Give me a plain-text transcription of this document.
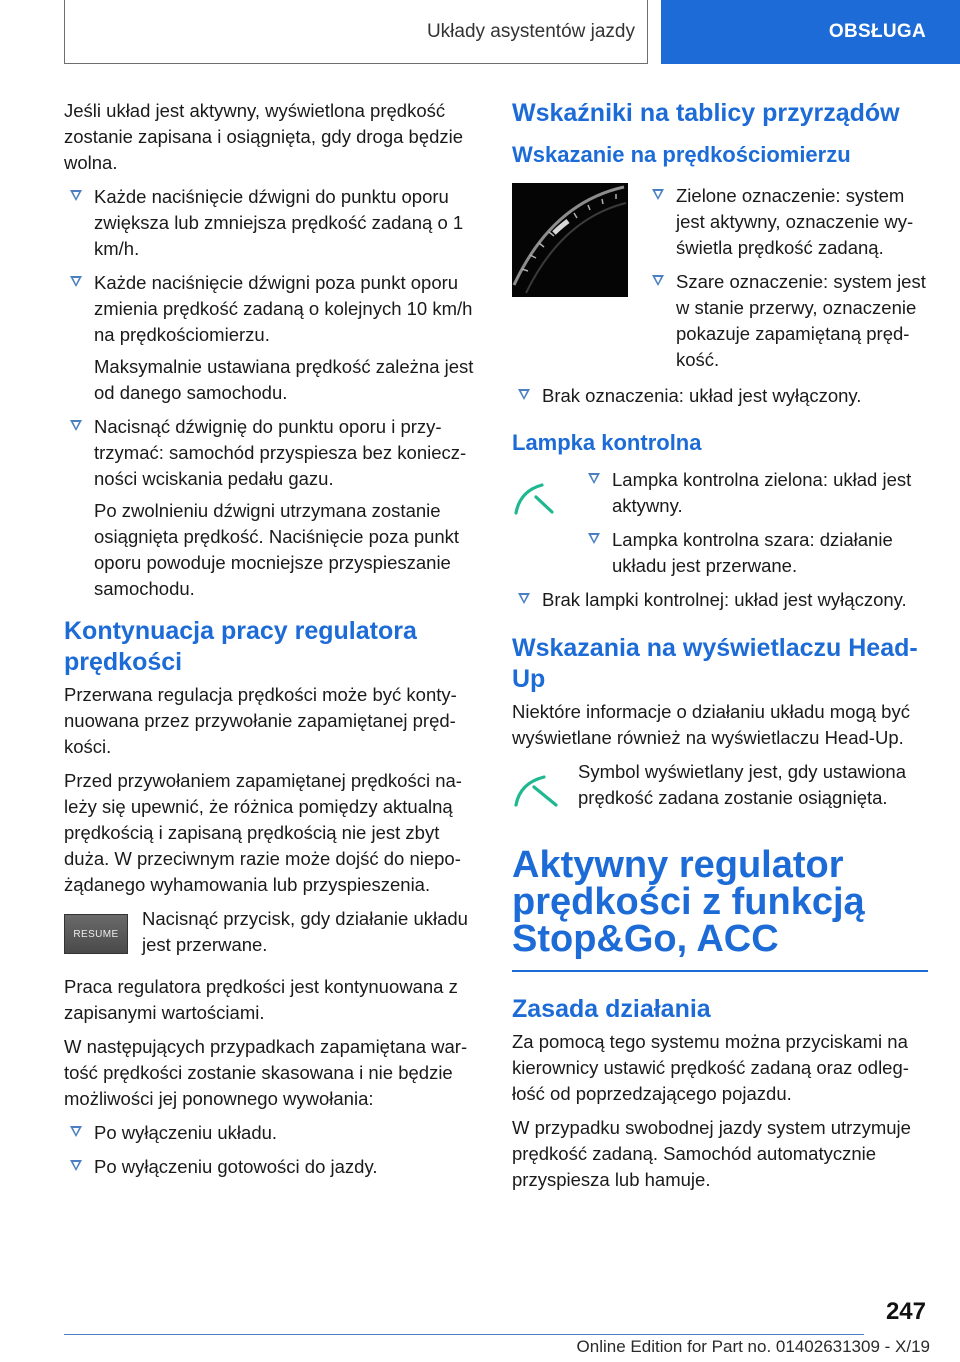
Układy asystentów jazdy	OBSŁUGA

Jeśli układ jest aktywny, wyświetlona prędkość zostanie zapisana i osiągnięta, gdy droga będzie wolna.

Każde naciśnięcie dźwigni do punktu oporu zwiększa lub zmniejsza prędkość zadaną o 1 km/h.

Każde naciśnięcie dźwigni poza punkt oporu zmienia prędkość zadaną o kolejnych 10 km/h na prędkościomierzu.

Maksymalnie ustawiana prędkość zależna jest od danego samochodu.

Nacisnąć dźwignię do punktu oporu i przytrzymać: samochód przyspiesza bez konieczności wciskania pedału gazu.

Po zwolnieniu dźwigni utrzymana zostanie osiągnięta prędkość. Naciśnięcie poza punkt oporu powoduje mocniejsze przyspieszanie samochodu.

Kontynuacja pracy regulatora prędkości

Przerwana regulacja prędkości może być kontynuowana przez przywołanie zapamiętanej prędkości.

Przed przywołaniem zapamiętanej prędkości należy się upewnić, że różnica pomiędzy aktualną prędkością i zapisaną prędkością nie jest zbyt duża. W przeciwnym razie może dojść do niepożądanego wyhamowania lub przyspieszenia.

RESUME

Nacisnąć przycisk, gdy działanie układu jest przerwane.

Praca regulatora prędkości jest kontynuowana z zapisanymi wartościami.

W następujących przypadkach zapamiętana wartość prędkości zostanie skasowana i nie będzie możliwości jej ponownego wywołania:

Po wyłączeniu układu.

Po wyłączeniu gotowości do jazdy.

Wskaźniki na tablicy przyrządów
Wskazanie na prędkościomierzu

Zielone oznaczenie: system jest aktywny, oznaczenie wyświetla prędkość zadaną.

Szare oznaczenie: system jest w stanie przerwy, oznaczenie pokazuje zapamiętaną prędkość.

Brak oznaczenia: układ jest wyłączony.

Lampka kontrolna

Lampka kontrolna zielona: układ jest aktywny.

Lampka kontrolna szara: działanie układu jest przerwane.

Brak lampki kontrolnej: układ jest wyłączony.

Wskazania na wyświetlaczu Head-Up

Niektóre informacje o działaniu układu mogą być wyświetlane również na wyświetlaczu Head-Up.

Symbol wyświetlany jest, gdy ustawiona prędkość zadana zostanie osiągnięta.

Aktywny regulator prędkości z funkcją Stop&Go, ACC
Zasada działania

Za pomocą tego systemu można przyciskami na kierownicy ustawić prędkość zadaną oraz odległość od poprzedzającego pojazdu.

W przypadku swobodnej jazdy system utrzymuje prędkość zadaną. Samochód automatycznie przyspiesza lub hamuje.

247
Online Edition for Part no. 01402631309 - X/19
